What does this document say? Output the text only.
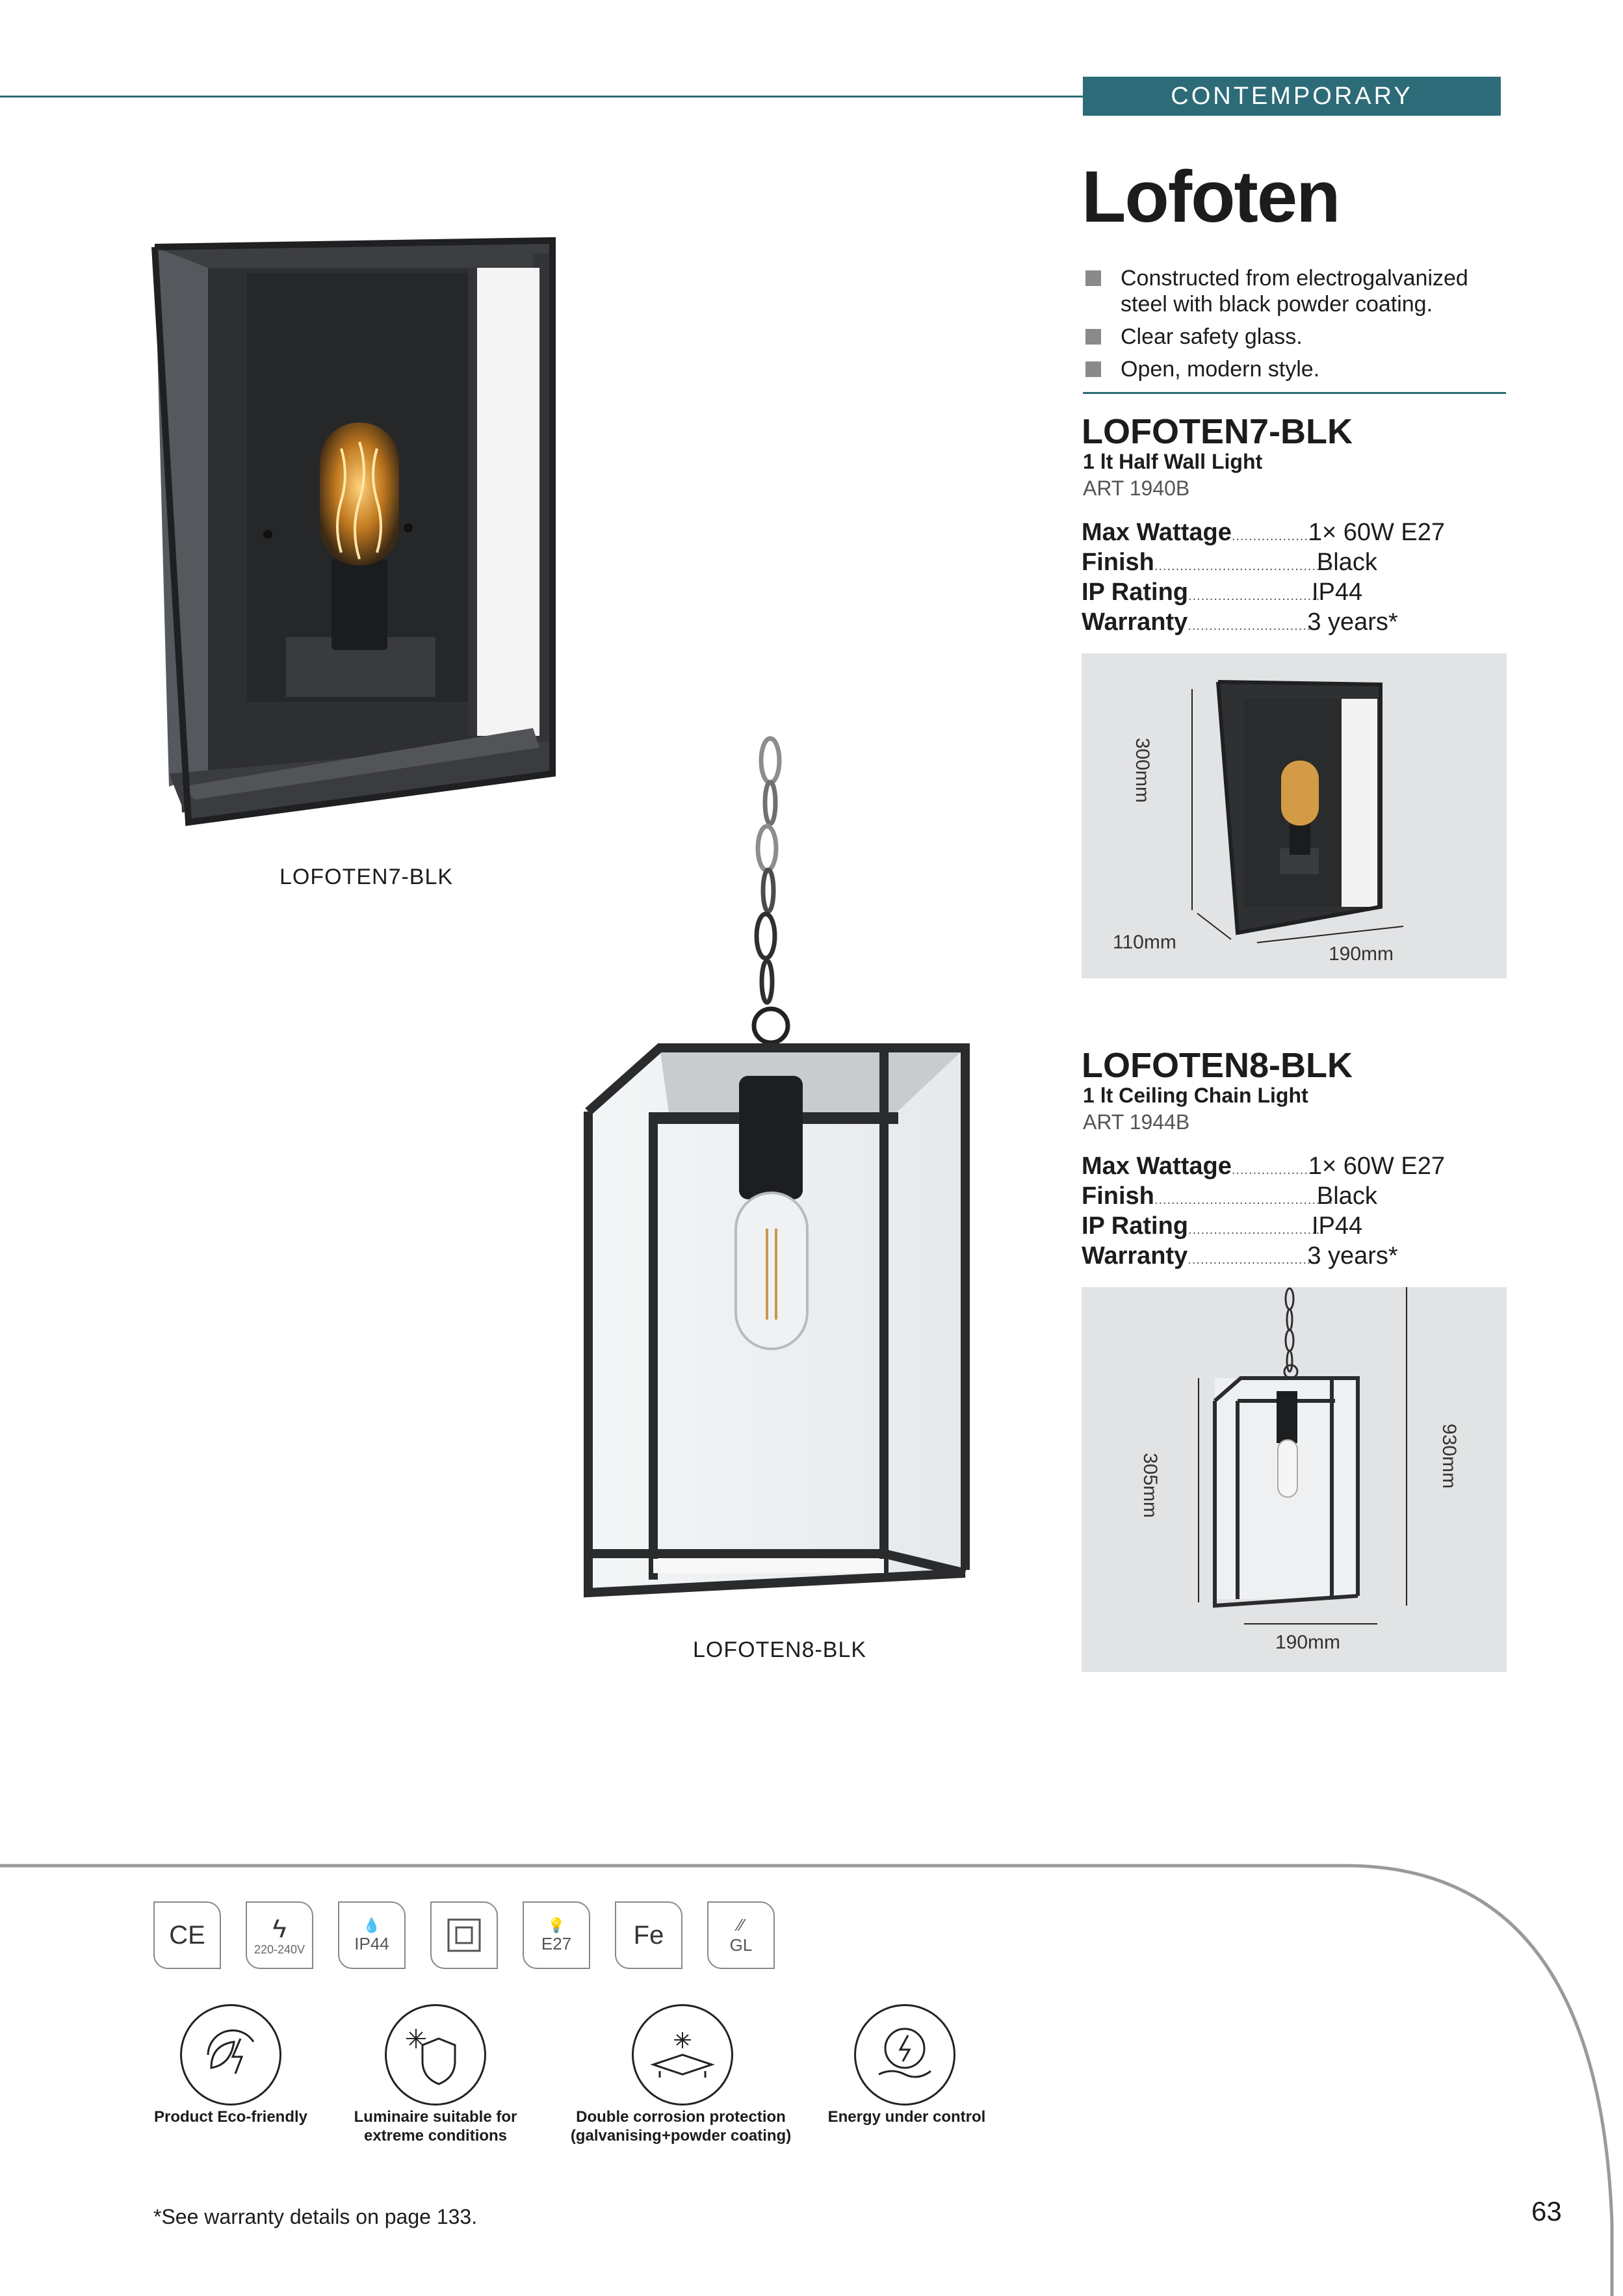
CONTEMPORARY
LOFOTEN7-BLK
LOFOTEN8-BLK
Lofoten
Constructed from electrogalvanized steel with black powder coating.
Clear safety glass.
Open, modern style.
LOFOTEN7-BLK
1 lt Half Wall Light
ART 1940B
Max Wattage ....................
1× 60W E27
Finish ..........................................
Black
IP Rating ................................
IP44
Warranty ...............................
3 years*
300mm
110mm
190mm
LOFOTEN8-BLK
1 lt Ceiling Chain Light
ART 1944B
Max Wattage ....................
1× 60W E27
Finish ..........................................
Black
IP Rating ................................
IP44
Warranty ...............................
3 years*
305mm	930mm
190mm
CE	ϟ
220-240V
💧
IP44
💡
E27 Fe	⁄⁄
GL
Product Eco-friendly	Luminaire suitable for extreme conditions
Double corrosion protection (galvanising+powder coating)
Energy under control
*See warranty details on page 133.	63
